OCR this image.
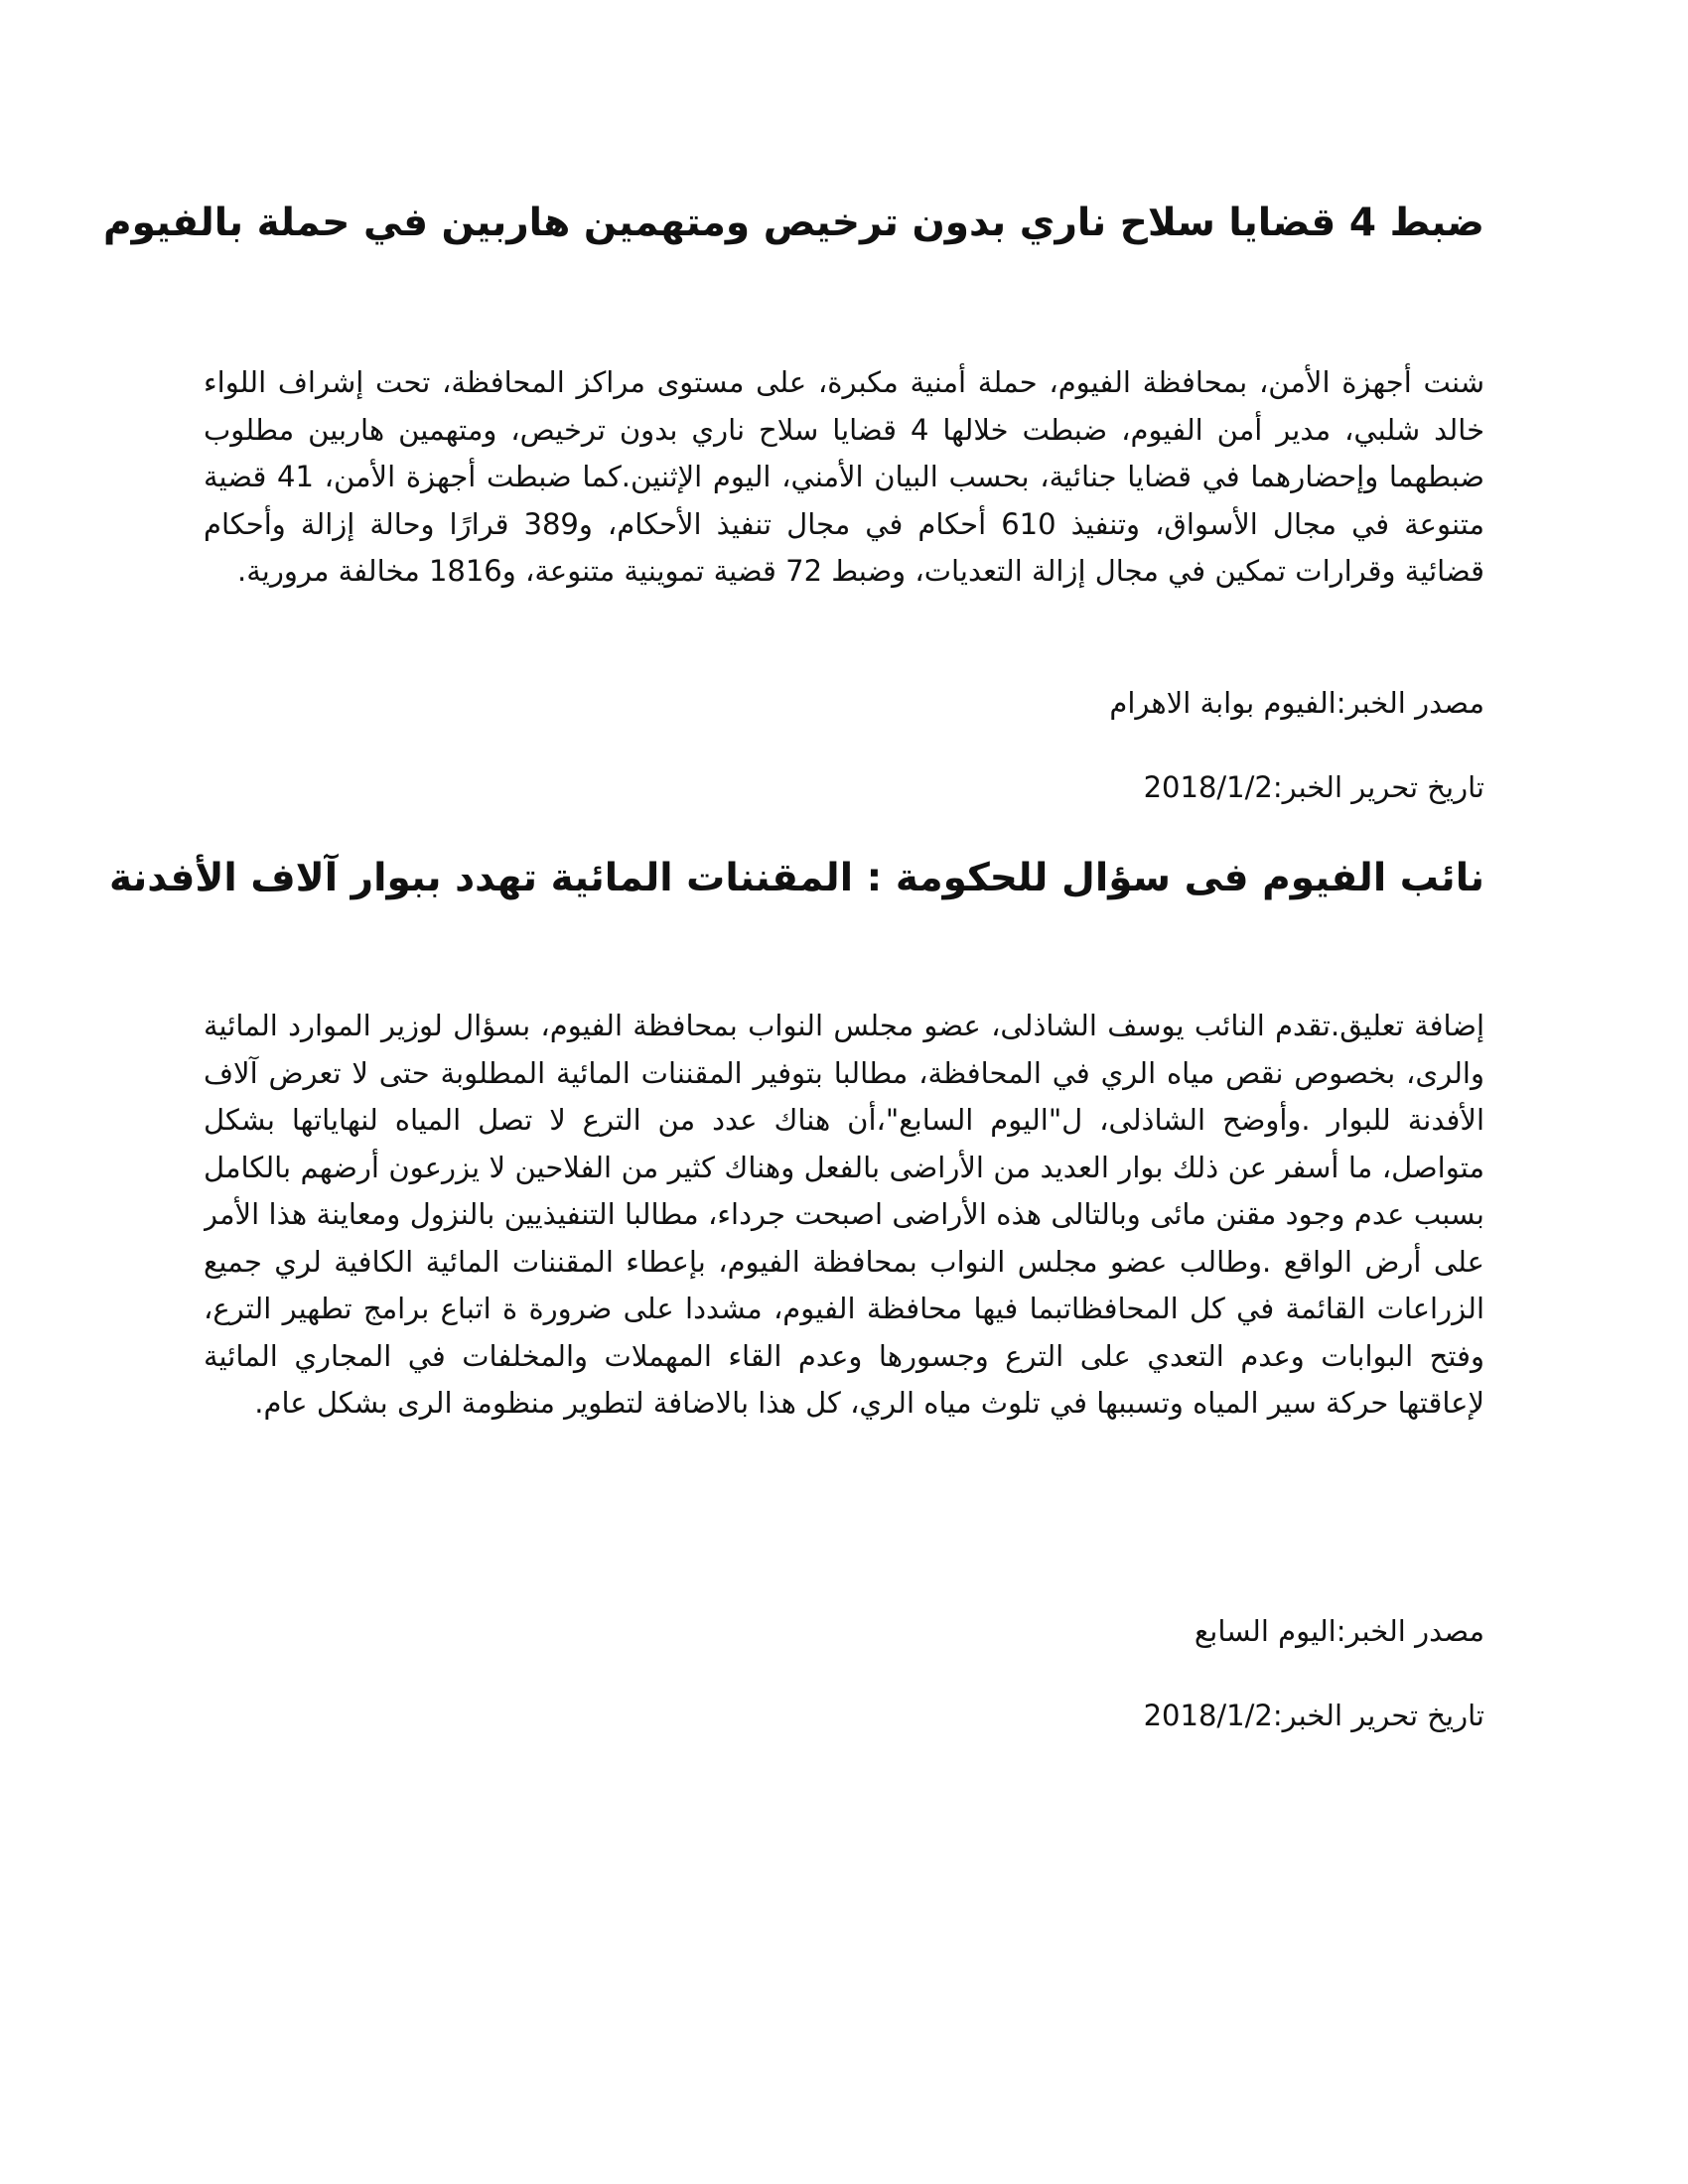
ضبط 4 قضايا سلاح ناري بدون ترخيص ومتهمين هاربين في حملة بالفيوم

شنت أجهزة الأمن، بمحافظة الفيوم، حملة أمنية مكبرة، على مستوى مراكز المحافظة، تحت إشراف اللواء خالد شلبي، مدير أمن الفيوم، ضبطت خلالها 4 قضايا سلاح ناري بدون ترخيص، ومتهمين هاربين مطلوب ضبطهما وإحضارهما في قضايا جنائية، بحسب البيان الأمني، اليوم الإثنين.كما ضبطت أجهزة الأمن، 41 قضية متنوعة في مجال الأسواق، وتنفيذ 610 أحكام في مجال تنفيذ الأحكام، و389 قرارًا وحالة إزالة وأحكام قضائية وقرارات تمكين في مجال إزالة التعديات، وضبط 72 قضية تموينية متنوعة، و1816 مخالفة مرورية.

مصدر الخبر:الفيوم بوابة الاهرام

تاريخ تحرير الخبر:2018/1/2

نائب الفيوم فى سؤال للحكومة : المقننات المائية تهدد ببوار آلاف الأفدنة

إضافة تعليق.تقدم النائب يوسف الشاذلى، عضو مجلس النواب بمحافظة الفيوم، بسؤال لوزير الموارد المائية والرى، بخصوص نقص مياه الري في المحافظة، مطالبا بتوفير المقننات المائية المطلوبة حتى لا تعرض آلاف الأفدنة للبوار .وأوضح الشاذلى، ل"اليوم السابع"،أن هناك عدد من الترع لا تصل المياه لنهاياتها بشكل متواصل، ما أسفر عن ذلك بوار العديد من الأراضى بالفعل وهناك كثير من الفلاحين لا يزرعون أرضهم بالكامل بسبب عدم وجود مقنن مائى وبالتالى هذه الأراضى اصبحت جرداء، مطالبا التنفيذيين بالنزول ومعاينة هذا الأمر على أرض الواقع .وطالب عضو مجلس النواب بمحافظة الفيوم، بإعطاء المقننات المائية الكافية لري جميع الزراعات القائمة في كل المحافظاتبما فيها محافظة الفيوم، مشددا على ضرورة ة اتباع برامج تطهير الترع، وفتح البوابات وعدم التعدي على الترع وجسورها وعدم القاء المهملات والمخلفات في المجاري المائية لإعاقتها حركة سير المياه وتسببها في تلوث مياه الري، كل هذا بالاضافة لتطوير منظومة الرى بشكل عام.

مصدر الخبر:اليوم السابع

تاريخ تحرير الخبر:2018/1/2
